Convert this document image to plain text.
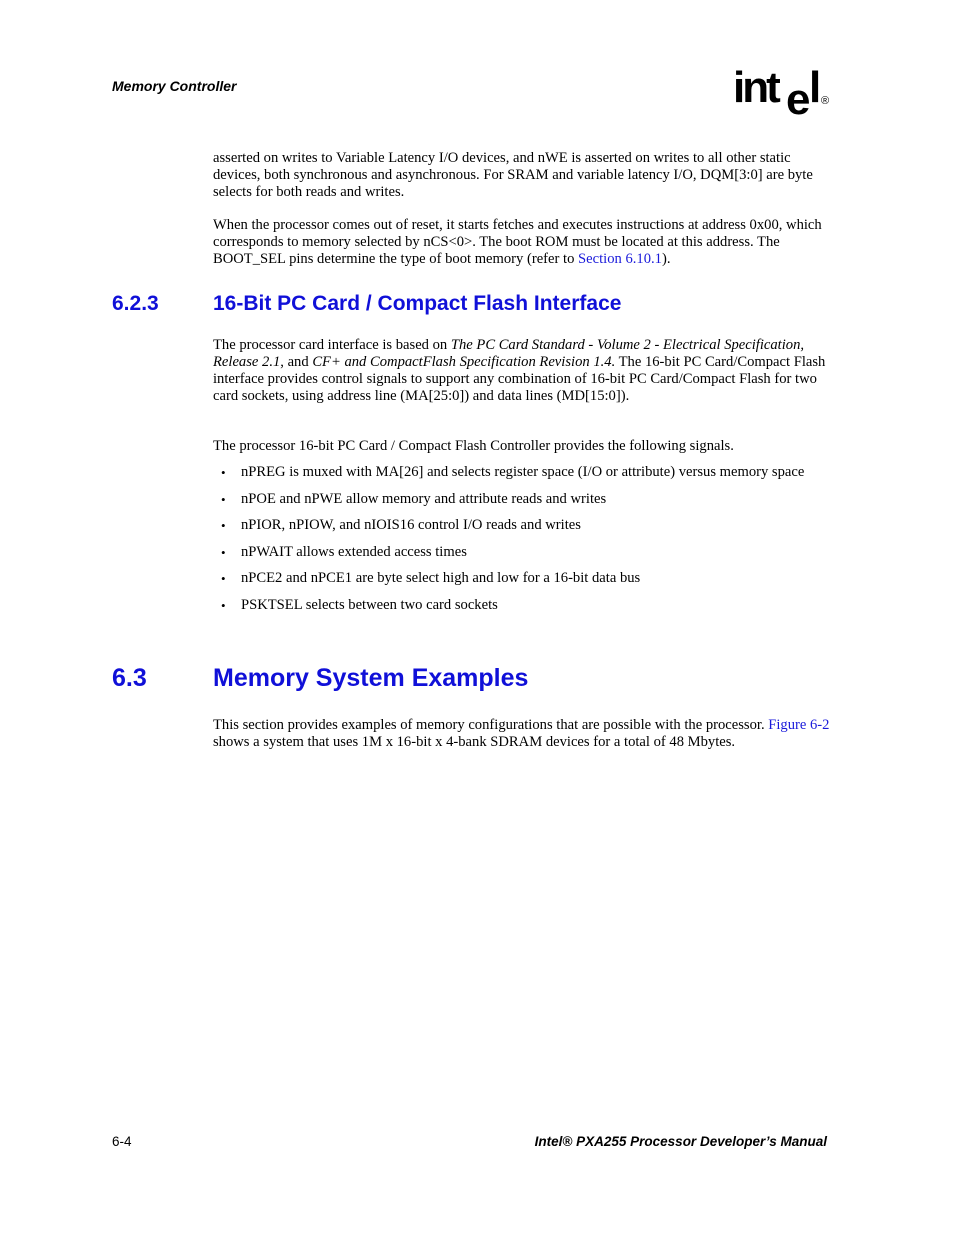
Memory Controller	int e l ®

asserted on writes to Variable Latency I/O devices, and nWE is asserted on writes to all other static devices, both synchronous and asynchronous. For SRAM and variable latency I/O, DQM[3:0] are byte selects for both reads and writes.

When the processor comes out of reset, it starts fetches and executes instructions at address 0x00, which corresponds to memory selected by nCS<0>. The boot ROM must be located at this address. The BOOT_SEL pins determine the type of boot memory (refer to Section 6.10.1).

6.2.3	16-Bit PC Card / Compact Flash Interface

The processor card interface is based on The PC Card Standard - Volume 2 - Electrical Specification, Release 2.1, and CF+ and CompactFlash Specification Revision 1.4. The 16-bit PC Card/Compact Flash interface provides control signals to support any combination of 16-bit PC Card/Compact Flash for two card sockets, using address line (MA[25:0]) and data lines (MD[15:0]).

The processor 16-bit PC Card / Compact Flash Controller provides the following signals.

• nPREG is muxed with MA[26] and selects register space (I/O or attribute) versus memory space
• nPOE and nPWE allow memory and attribute reads and writes
• nPIOR, nPIOW, and nIOIS16 control I/O reads and writes
• nPWAIT allows extended access times
• nPCE2 and nPCE1 are byte select high and low for a 16-bit data bus
• PSKTSEL selects between two card sockets
6.3	Memory System Examples

This section provides examples of memory configurations that are possible with the processor. Figure 6-2 shows a system that uses 1M x 16-bit x 4-bank SDRAM devices for a total of 48 Mbytes.

6-4	Intel® PXA255 Processor Developer’s Manual
